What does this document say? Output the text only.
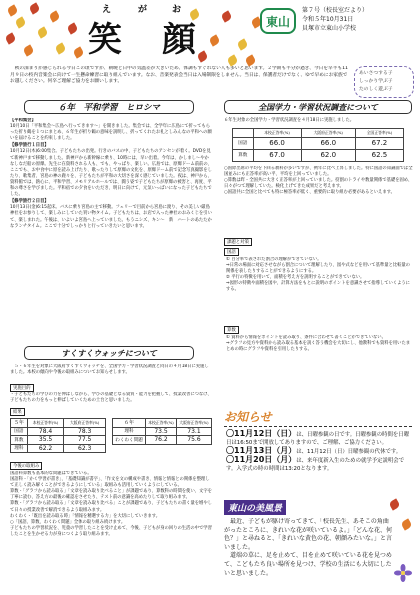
え	が	お
笑　顔	東山
第７号（校長室だより）
令和５年10月31日
貝塚市立東山小学校
あいさつする子
しっかり学ぶ子
たのしく遊ぶ子
　秋の深まりが感じられる今日この頃ですが、朝晩と日中の気温差が大きいため、体調もすぐれない人も多いと思います。２学期も半分が過ぎ、今日を早半も11月９日の校内音楽会に向けて一生懸命練習に取り組んでいます。なお、音楽発表会当日は入場制限をしません。当日は、保護者だけでなく、ゆで早めにお家族でお越しください。何卒ご理解ご協力をお願いします。
６年　平和学習　ヒロシマ
【平和集会】
10月10日「平和集会～広島へ行ってきます～」を開きました。集会では、全学年に広島にて折ってもらった折り鶴を１つにまとめ、６年生が折り鶴の意味を説明し、折ってくれたお礼としみんなの平和への願いを届けることを約束しました。
【修学旅行１日目】
10月12日(木)6:00集合。子どもたちの出発。行きのバスの中、子どもたちのアンセンが着く。DVDを見て新神戸まで移動しました。新神戸から新幹線に乗り、10時には、早い出着。今年は、かしまし～やかなしなだ船の原爆。先生に在資料される人も、でも、やっぱり、楽しい。広島では、原爆ドーム前前の、ここでも、お中食中に原を読み上げたり、歌ったりして原爆の文化を、原爆ドーム前で記念写真撮影をしたり、歌集者、宮島の神の鹿々を、子どもたちが平和の大切さを深く感じていました。夜は、神戸から、資料館では、熱心に、平和学習、メモリアルホールでは、闘う姿で子どもたちが原爆の被害と、再度、平和の尊さを学びました。平和宿での夕食をいただき、明日に向けて、元気いっぱいになった子どもたちでした。
【修学旅行２日目】
10月13日(金)6:15起床。バスに乗り宮島の主で移動。フェリーで目前から宮島に渡り、その美しい厳島神社をお参りして、楽しみにしていた買い物タイム。子どもたちは、お店で入った神社のおみくじを引いて、楽しまれた。午後は、いよいよ宮島へ上っていました。もうニシズ、キン～　新　ハートのあたたかなランチタイム。ここで十分でしっかりと行っていきたいと思います。
すくすくウォッチについて
　５・６年生を対象に大阪府すくすくウォッチを、全国学力・学習状況調査と同日の４月18日に実施しました。本校の傾向や今後の取組みについてお知らせします。
実施目的
・子どもたちの学びの力を伸ばしながら、学びの基礎となる資質・能力を把握して、授業改善につなげ、子どもたちの力をもっと伸ばしていくための土台と思いました。
結果
５年	本校正答率(%)	大阪府正答率(%)
国語	78.4	78.3
算数	35.5	77.5
理科	62.2	62.3
６年	本校正答率(%)	大阪府正答率(%)
理科	73.5	73.1
わくわく問題	76.2	75.6
今後の取組み
国語科算数も基本的な問題はできている。
国語科・「かく学習が書き」、「基礎知識が書字」、「作文を文の構成や書き、情報と情報との関係を整理して正しく読み解くことができるようにしている」取組みも活用していくようにしている。
算数・「グラフから読み取る」「文章を読み取り比べること」が課題であり、算数科の時間を使い、文字を丁寧に読む、答え方の最後の確認をさせたり、テスト前の意識を高めたりして取り組みます。
算数・「グラフから読み取る」「文章を読み取り比べる」ことが課題であり、子どもたちの書く量を増やして日々の授業改善で解消できるよう取組みます。
わくわく・「既出を読み取る時」「情報を精選する力」を大切にしていきます。
○「国語、算数、わくわく問題」全体の取り組み続けます。
子どもたちの学習状況を、児童の学習したことを受け止めて、今後、子どもが身の回りの生活の中で学習したことを生かせる力が身につくよう取り組みます。
全国学力・学習状況調査について
６年生対象の全国学力・学習状況調査を４月18日に実施しました。
	本校正答率(%)	大阪府正答率(%)	全国正答率(%)
国語	66.0	66.0	67.2
算数	67.0	62.0	62.5
○国際出席の平均を下回る教科が多いですが、例年に比べ上昇しました。特に国語の知識面では全国並みにも正答率が高い平、平均を上回っていました。
○算数は昨・全国共に大きく正答率が上回っていました。役割のトライや数量関係で基礎を固め、日々がつて理解していた。検化上げてきた成果だと考えます。
○国語共に全国と比べても特に極答率が低く、重要的に取り組む必要があるといえます。
課題と対策
国語
① 百分率で表された割合の理解ができていない。
⇒日常の場面に対応させながら割合について理解したり、図や式などを用いて基準量と比較量の関係を表したりすることができるようにする。
② 平行の特徴を用いて、面積を考え方を説明することができていない。
⇒図形の特徴や面積を図や、計算方法をもとに説明のポイントを意識させて指導していくようにする。
算数
① 資料から情報をポイントを読み取り、条件に合わせて書くことができていない。
⇒グラフの見方や資料から読み取る基本を説く答う機会を大切にし、他教科でも資料を用いたまとめの時にグラフや資料を引用したりする。
お知らせ
〇11月12日（日）は、日曜参観の日です。日曜参観の時間を日曜日は16:50まで開放してありますので、ご理解、ご協力ください。
〇11月13日（月）は、11月12日（日）日曜参観の代休です。
〇11月20日（月）は、来年度新入生のための就学予定説明会です。入学式の時の時間は13:20となります。
東山の美風景
　最近、子どもが駆け寄ってきて、「校長先生、あそこの角曲がったところに、きれいな花が咲いているよ。」「どんな花、何色？」と尋ねると、「きれいな黄色の花、朝顔みたいな。」と言いました。
　道端の草に、足を止めて、目を止めて咲いている花を見つめて、こどもたち良い場所を見つけ、学校の生活にも大切にしたいと思いました。
